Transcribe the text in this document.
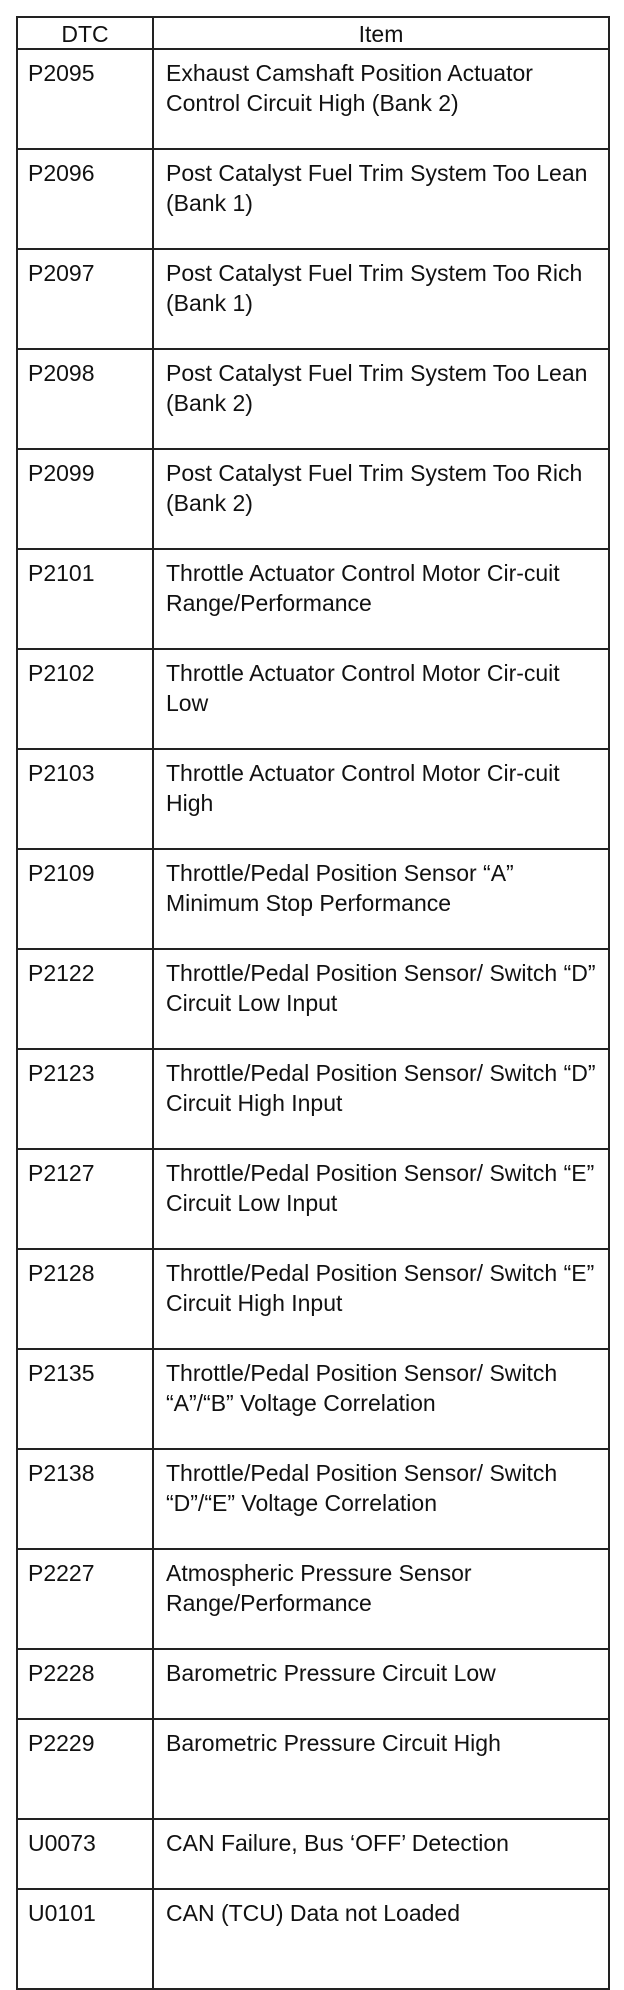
DTC	Item
P2095	Exhaust Camshaft Position Actuator Control Circuit High (Bank 2)
P2096	Post Catalyst Fuel Trim System Too Lean (Bank 1)
P2097	Post Catalyst Fuel Trim System Too Rich (Bank 1)
P2098	Post Catalyst Fuel Trim System Too Lean (Bank 2)
P2099	Post Catalyst Fuel Trim System Too Rich (Bank 2)
P2101	Throttle Actuator Control Motor Cir-cuit Range/Performance
P2102	Throttle Actuator Control Motor Cir-cuit Low
P2103	Throttle Actuator Control Motor Cir-cuit High
P2109	Throttle/Pedal Position Sensor “A” Minimum Stop Performance
P2122	Throttle/Pedal Position Sensor/ Switch “D” Circuit Low Input
P2123	Throttle/Pedal Position Sensor/ Switch “D” Circuit High Input
P2127	Throttle/Pedal Position Sensor/ Switch “E” Circuit Low Input
P2128	Throttle/Pedal Position Sensor/ Switch “E” Circuit High Input
P2135	Throttle/Pedal Position Sensor/ Switch “A”/“B” Voltage Correlation
P2138	Throttle/Pedal Position Sensor/ Switch “D”/“E” Voltage Correlation
P2227	Atmospheric Pressure Sensor Range/Performance
P2228	Barometric Pressure Circuit Low
P2229	Barometric Pressure Circuit High
U0073	CAN Failure, Bus ‘OFF’ Detection
U0101	CAN (TCU) Data not Loaded
